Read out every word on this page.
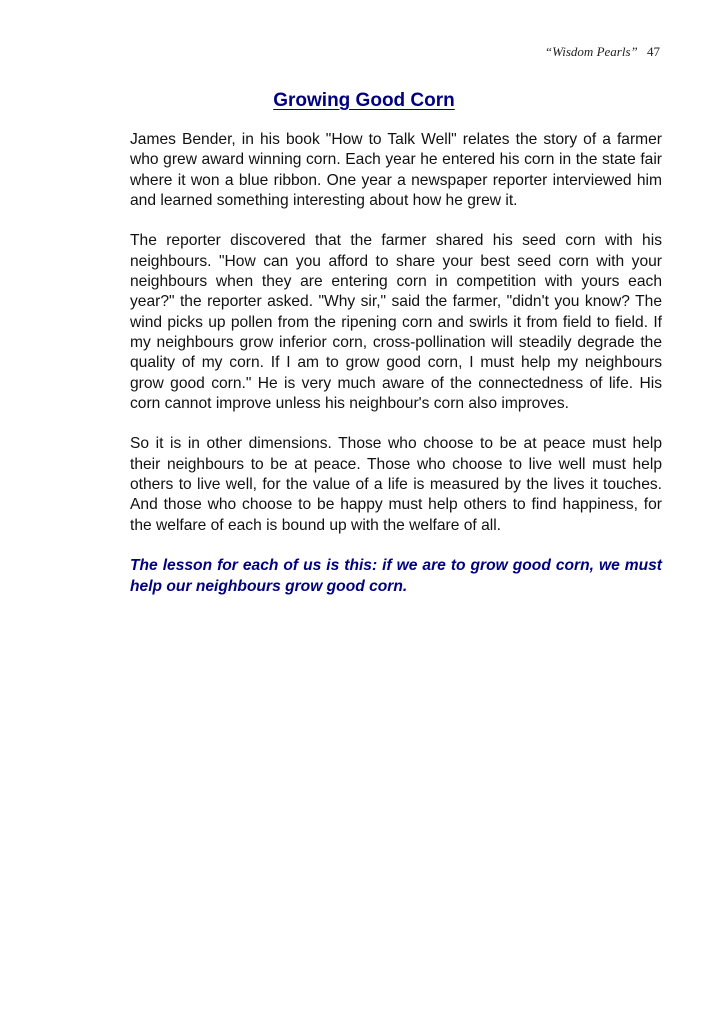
“Wisdom Pearls” 47
Growing Good Corn

James Bender, in his book "How to Talk Well" relates the story of a farmer who grew award winning corn. Each year he entered his corn in the state fair where it won a blue ribbon. One year a newspaper reporter interviewed him and learned something interesting about how he grew it.

The reporter discovered that the farmer shared his seed corn with his neighbours. "How can you afford to share your best seed corn with your neighbours when they are entering corn in competition with yours each year?" the reporter asked. "Why sir," said the farmer, "didn't you know? The wind picks up pollen from the ripening corn and swirls it from field to field. If my neighbours grow inferior corn, cross-pollination will steadily degrade the quality of my corn. If I am to grow good corn, I must help my neighbours grow good corn." He is very much aware of the connectedness of life. His corn cannot improve unless his neighbour's corn also improves.

So it is in other dimensions. Those who choose to be at peace must help their neighbours to be at peace. Those who choose to live well must help others to live well, for the value of a life is measured by the lives it touches. And those who choose to be happy must help others to find happiness, for the welfare of each is bound up with the welfare of all.

The lesson for each of us is this: if we are to grow good corn, we must help our neighbours grow good corn.
